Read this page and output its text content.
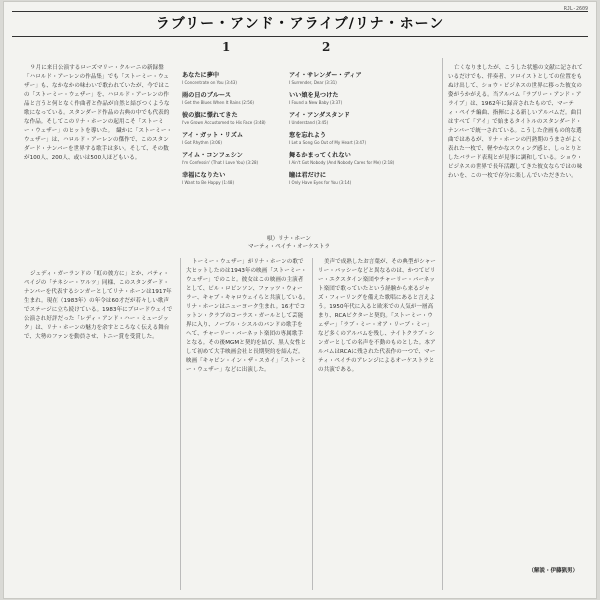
RJL-2609
ラブリー・アンド・アライブ/リナ・ホーン
1	2
あなたに夢中
I Concentrate on You (3:43)
雨の日のブルース
I Get the Blues When It Rains (2:56)
彼の旗に憬れてきた
I've Grown Accustomed to His Face (3:48)
アイ・ガット・リズム
I Got Rhythm (3:06)
アイム・コンフェシン
I'm Confessin' (That I Love You) (3:28)
幸福になりたい
I Want to Be Happy (1:48)
アイ・サレンダー・ディア
I Surrender, Dear (3:31)
いい娘を見つけた
I Found a New Baby (3:37)
アイ・アンダスタンド
I Understand (3:45)
窓を忘れよう
I Let a Song Go Out of My Heart (3:47)
舞るかまってくれない
I Ain't Got Nobody (And Nobody Cares for Me) (2:18)
瞳は君だけに
I Only Have Eyes for You (3:14)
唄）リナ・ホーン
マーティ・ペイチ・オーケストラ

９月に来日公演するローズマリー・クルーニの新録盤「ハロルド・アーレンの作品集」でも「ストーミー・ウェザー」も、なかなかの味わいで歌われていたが、今ではこの「ストーミー・ウェザー」を、ハロルド・アーレンの作品と言うと何となく作曲者と作品が自然と結びつくような歌になっている。スタンダード作品の古典の中でも代表的な作品。そしてこのリナ・ホーンの起用こそ「ストーミー・ウェザー」のヒットを導いた。　繊かに「ストーミー・ウェザー」は、ハロルド・アーレンの傑作で、このスタンダード・ナンバーを世界する歌手は多い。そして、その数が100人、200人、或いは500人ほどもいる。

ジュディ・ガーランドの「虹の彼方に」とか、パティ・ペイジの「テネシー・ワルツ」同様、このスタンダード・ナンバーを代表するシンガーとしてリナ・ホーンは1917年生まれ。現在（1983年）の年令は60才だが若々しい歌声でステージに立ち続けている。1983年にブロードウェイで公演され好評だった「レディ・アンド・ハー・ミュージック」は、リナ・ホーンの魅力を余すところなく伝える舞台で、大勢のファンを動員させ、トニー賞を受賞した。

トーミー・ウェザー」がリナ・ホーンの歌で大ヒットしたのは1943年の映画「ストーミー・ウェザー」でのこと。彼女はこの映画の主演者として、ビル・ロビンソン、ファッツ・ウォーラー、キャブ・キャロウェイらと共演している。　リナ・ホーンはニューヨーク生まれ。16才でコットン・クラブのコーラス・ガールとして芸能界に入り、ノーブル・シスルのバンドの歌手をへて、チャーリー・バーネット楽団の専属歌手となる。その後MGMと契約を結び、黒人女性として初めて大手映画会社と長期契約を結んだ。映画「キャビン・イン・ザ・スカイ」「ストーミー・ウェザー」などに出演した。

美声で成熟したお言葉が、その典型がシャーリー・バッシーなどと異なるのは、かつてビリー・エクスタイン楽団やチャーリー・バーネット楽団で歌っていたという経験から来るジャズ・フィーリングを備えた歌唱にあると言えよう。1950年代に入ると欧米での人気が一層高まり、RCAビクターと契約。「ストーミー・ウェザー」「ラブ・ミー・オア・リーブ・ミー」など多くのアルバムを残し、ナイトクラブ・シンガーとしての名声を不動のものとした。本アルバムはRCAに残された代表作の一つで、マーティ・ペイチのアレンジによるオーケストラとの共演である。

亡くなりましたが、こうした状態の文献に記されているだけでも、伴奏者、ソロイストとしての位置をもぬけ出して、ショウ・ビジネスの世界に移った彼女の姿がうかがえる。当アルバム「ラブリー・アンド・アライブ」は、1962年に録音されたもので、マーティ・ペイチ編曲、指揮による新しいアルバムだ。曲目はすべて「アイ」で始まるタイトルのスタンダード・ナンバーで統一されている。こうした企画もの的な選曲ではあるが、リナ・ホーンの円熟期のうまさがよく表れた一枚で、軽やかなスウィング感と、しっとりとしたバラード表現とが見事に調和している。ショウ・ビジネスの世界で長年活躍してきた彼女ならではの味わいを、この一枚で存分に楽しんでいただきたい。

（解説・伊藤猟男）
